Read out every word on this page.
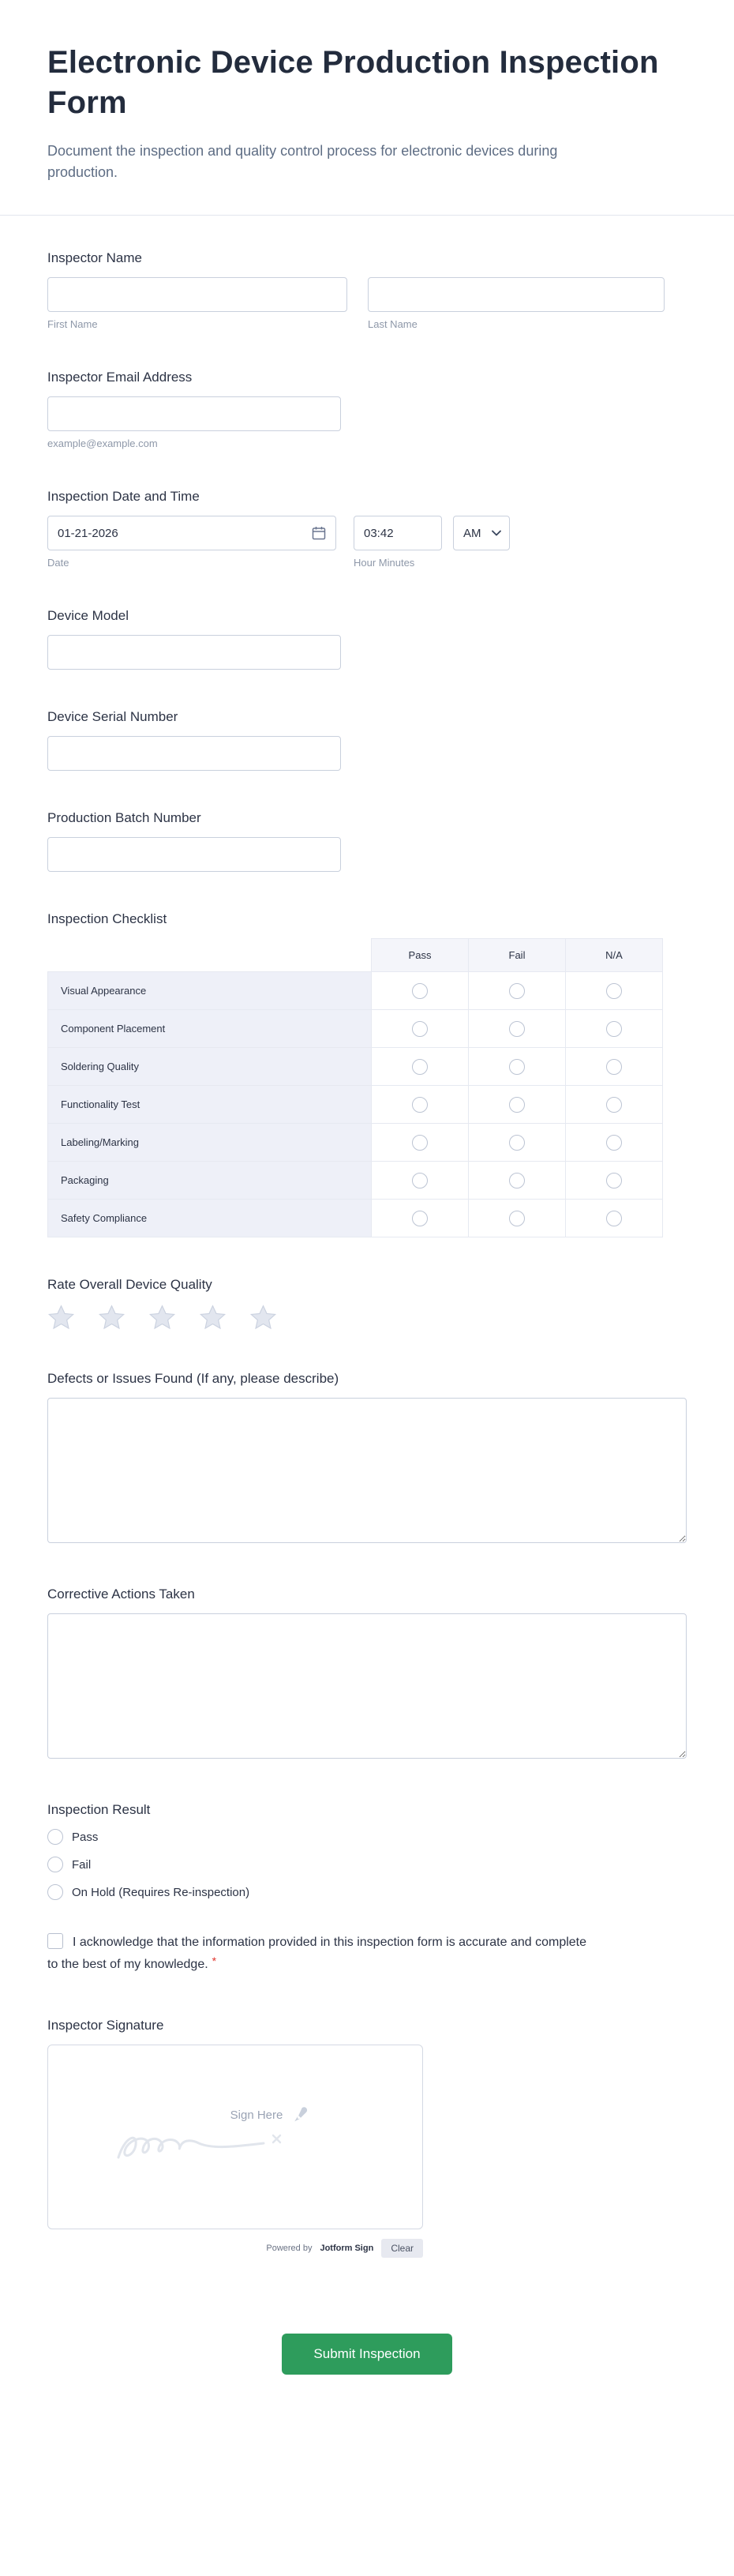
Electronic Device Production Inspection Form

Document the inspection and quality control process for electronic devices during production.

Inspector Name
First Name	Last Name
Inspector Email Address
example@example.com
Inspection Date and Time
01-21-2026
Date
03:42	Hour Minutes
AM
Device Model
Device Serial Number
Production Batch Number
Inspection Checklist
	Pass	Fail	N/A
Visual Appearance			
Component Placement			
Soldering Quality			
Functionality Test			
Labeling/Marking			
Packaging			
Safety Compliance			
Rate Overall Device Quality
Defects or Issues Found (If any, please describe)
Corrective Actions Taken
Inspection Result
Pass
Fail
On Hold (Requires Re-inspection)
I acknowledge that the information provided in this inspection form is accurate and complete to the best of my knowledge. *
Inspector Signature
Sign Here
Powered by Jotform Sign	Clear
Submit Inspection
